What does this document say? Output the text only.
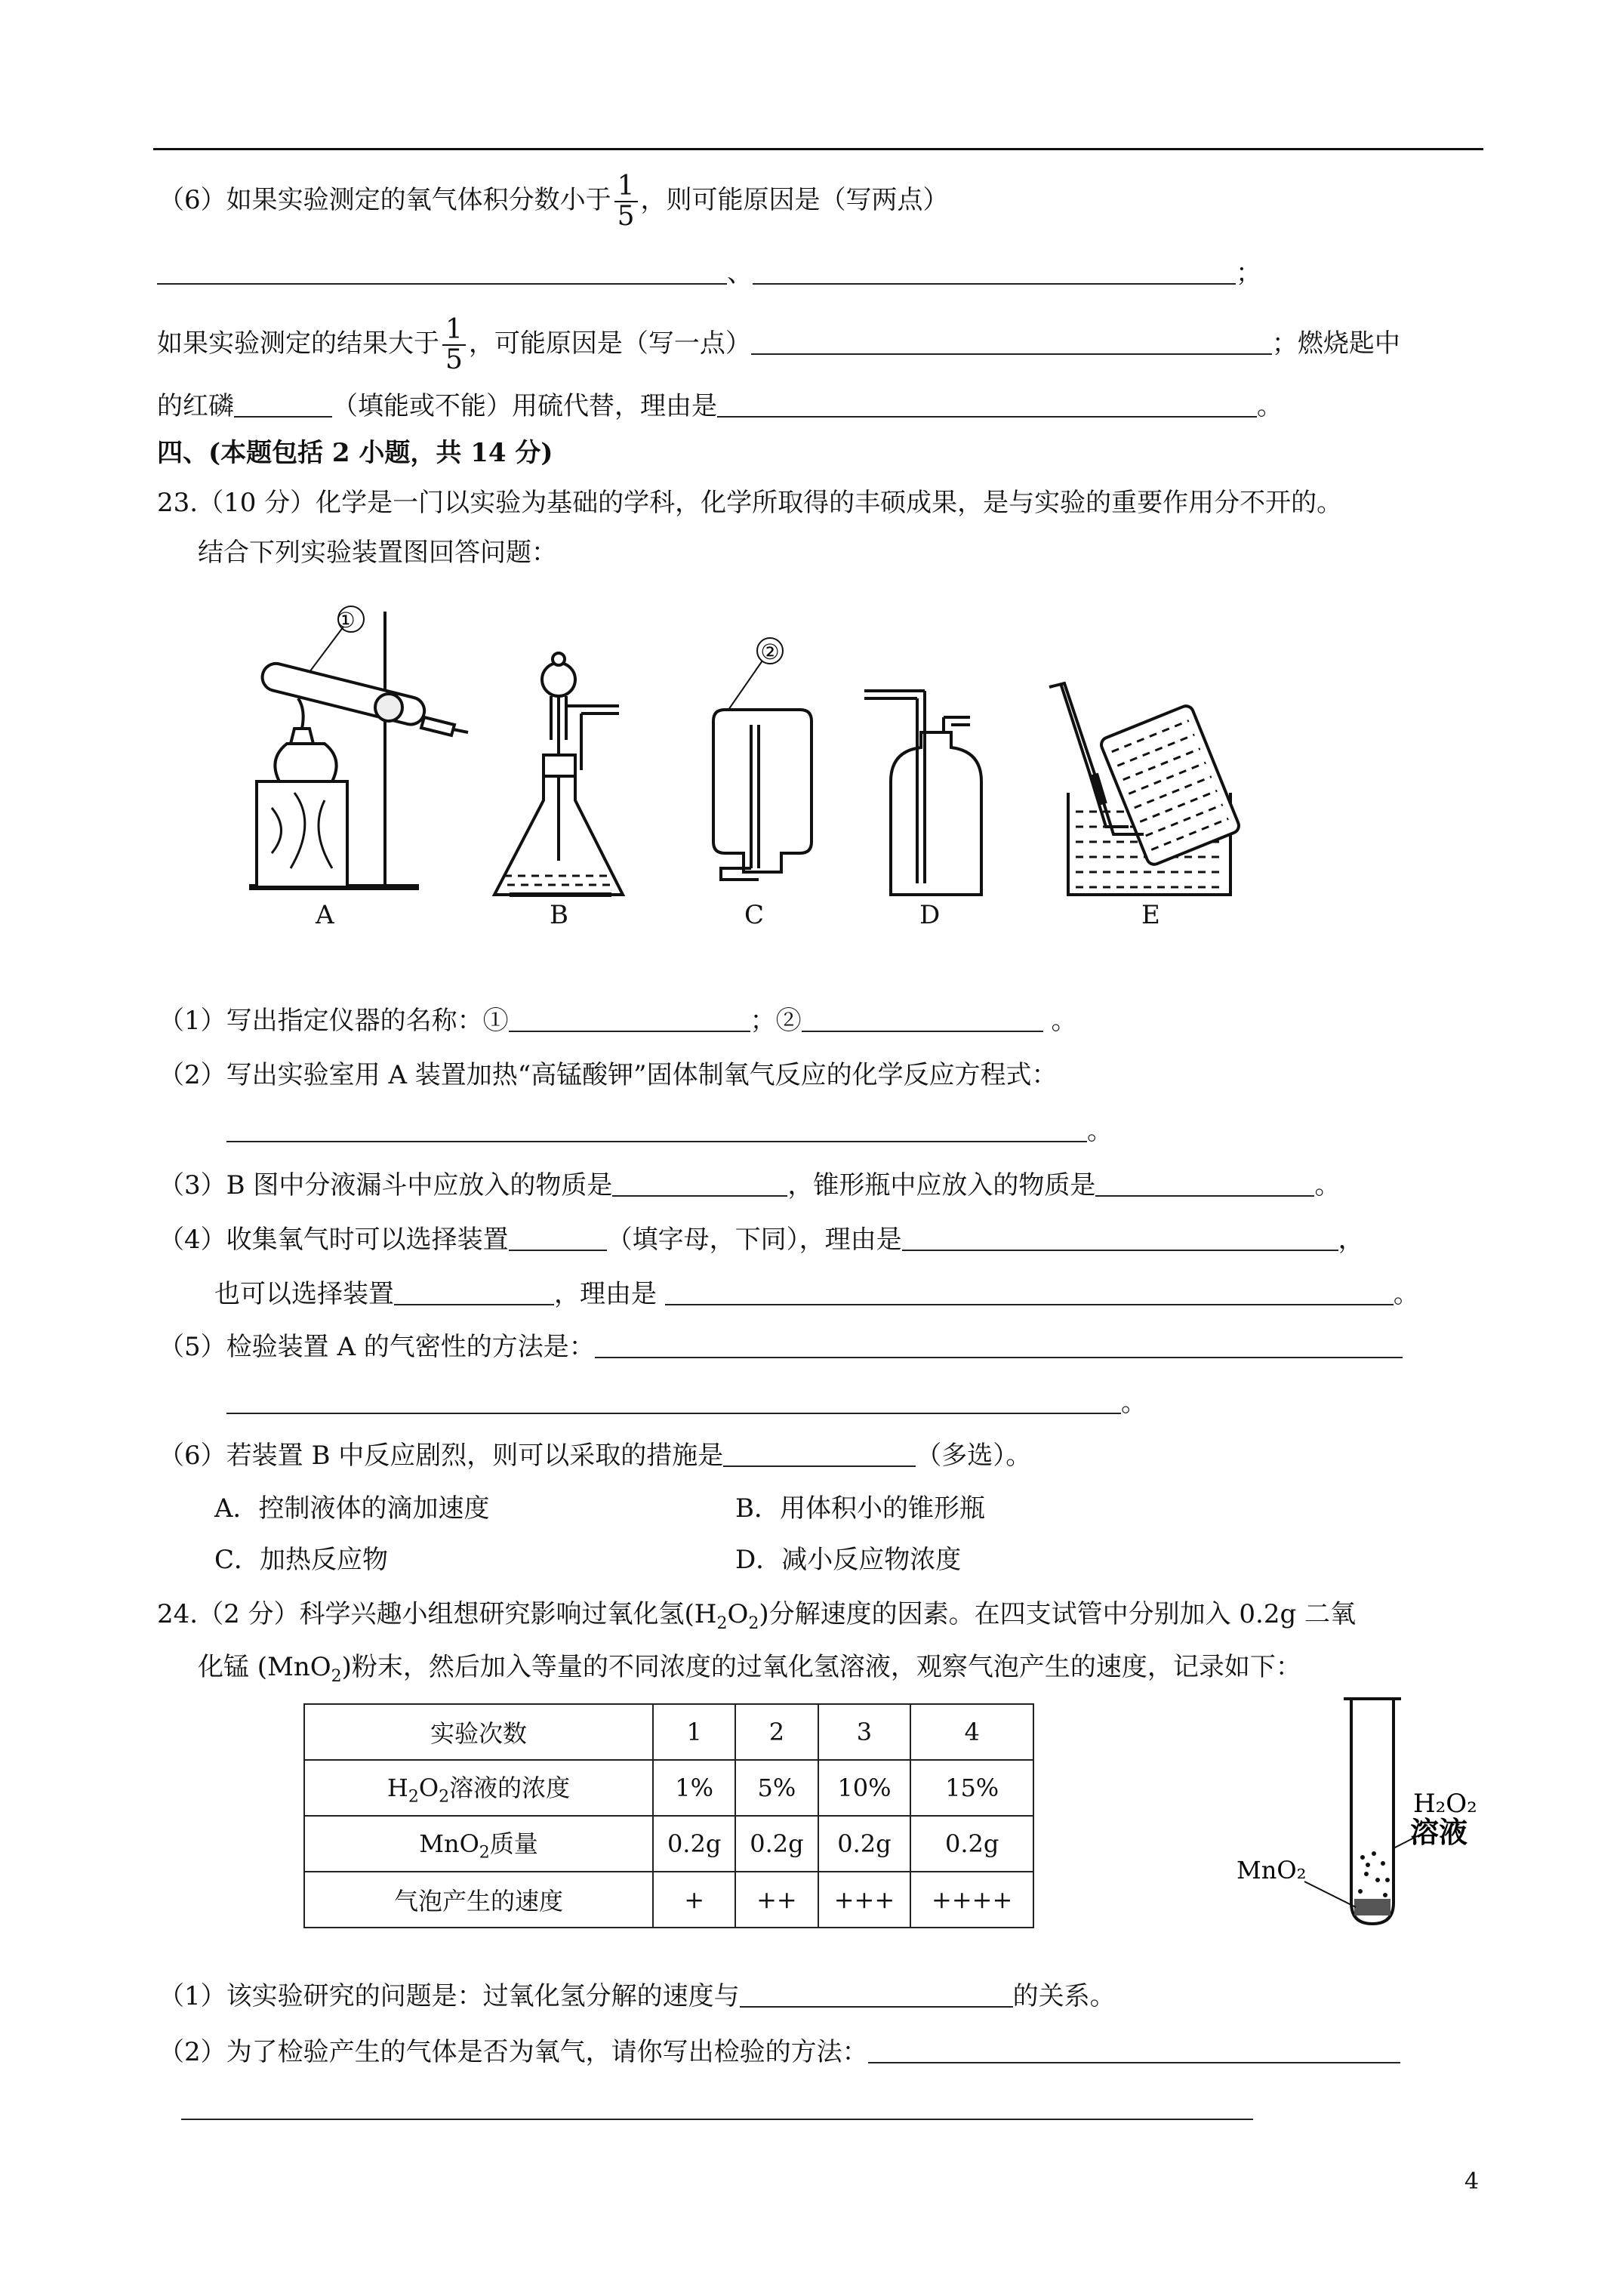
（6）如果实验测定的氧气体积分数小于 $\frac{1}{5}$ ，则可能原因是（写两点）
、	；
如果实验测定的结果大于 $\frac{1}{5}$ ，可能原因是（写一点）	；燃烧匙中
的红磷	（填能或不能）用硫代替，理由是	。
四、(本题包括 2 小题，共 14 分)
23.（10 分）化学是一门以实验为基础的学科，化学所取得的丰硕成果，是与实验的重要作用分不开的。
结合下列实验装置图回答问题：
①
②
A	B	C	D	E
（1）写出指定仪器的名称：①	；②	。
（2）写出实验室用 A 装置加热“高锰酸钾”固体制氧气反应的化学反应方程式：
。
（3）B 图中分液漏斗中应放入的物质是	，锥形瓶中应放入的物质是	。
（4）收集氧气时可以选择装置	（填字母，下同），理由是	，
也可以选择装置	，理由是	。
（5）检验装置 A 的气密性的方法是：
。
（6）若装置 B 中反应剧烈，则可以采取的措施是	（多选）。
A．控制液体的滴加速度	B．用体积小的锥形瓶
C．加热反应物	D．减小反应物浓度
24.（2 分）科学兴趣小组想研究影响过氧化氢$(H_2O_2)$分解速度的因素。在四支试管中分别加入 0.2g 二氧
化锰 (MnO$_2$)粉末，然后加入等量的不同浓度的过氧化氢溶液，观察气泡产生的速度，记录如下：
实验次数	1	2	3	4
$H_2O_2$溶液的浓度	1%	5%	10%	15%
MnO$_2$质量	0.2g	0.2g	0.2g	0.2g
气泡产生的速度	+	++	+++	++++
H₂O₂
溶液
MnO₂
（1）该实验研究的问题是：过氧化氢分解的速度与	的关系。
（2）为了检验产生的气体是否为氧气，请你写出检验的方法：
4
